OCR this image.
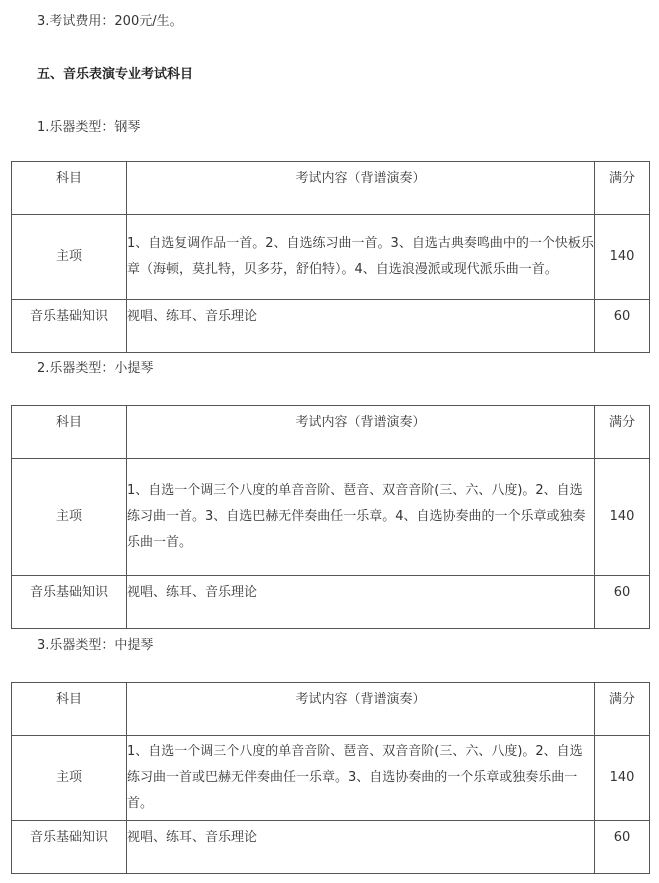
3.考试费用：200元/生。
五、音乐表演专业考试科目
1.乐器类型：钢琴
科目	考试内容（背谱演奏）	满分
主项	1、自选复调作品一首。2、自选练习曲一首。3、自选古典奏鸣曲中的一个快板乐章（海顿，莫扎特，贝多芬，舒伯特）。4、自选浪漫派或现代派乐曲一首。	140
音乐基础知识	视唱、练耳、音乐理论	60
2.乐器类型：小提琴
科目	考试内容（背谱演奏）	满分
主项	1、自选一个调三个八度的单音音阶、琶音、双音音阶(三、六、八度)。2、自选练习曲一首。3、自选巴赫无伴奏曲任一乐章。4、自选协奏曲的一个乐章或独奏乐曲一首。	140
音乐基础知识	视唱、练耳、音乐理论	60
3.乐器类型：中提琴
科目	考试内容（背谱演奏）	满分
主项	1、自选一个调三个八度的单音音阶、琶音、双音音阶(三、六、八度)。2、自选练习曲一首或巴赫无伴奏曲任一乐章。3、自选协奏曲的一个乐章或独奏乐曲一首。	140
音乐基础知识	视唱、练耳、音乐理论	60
